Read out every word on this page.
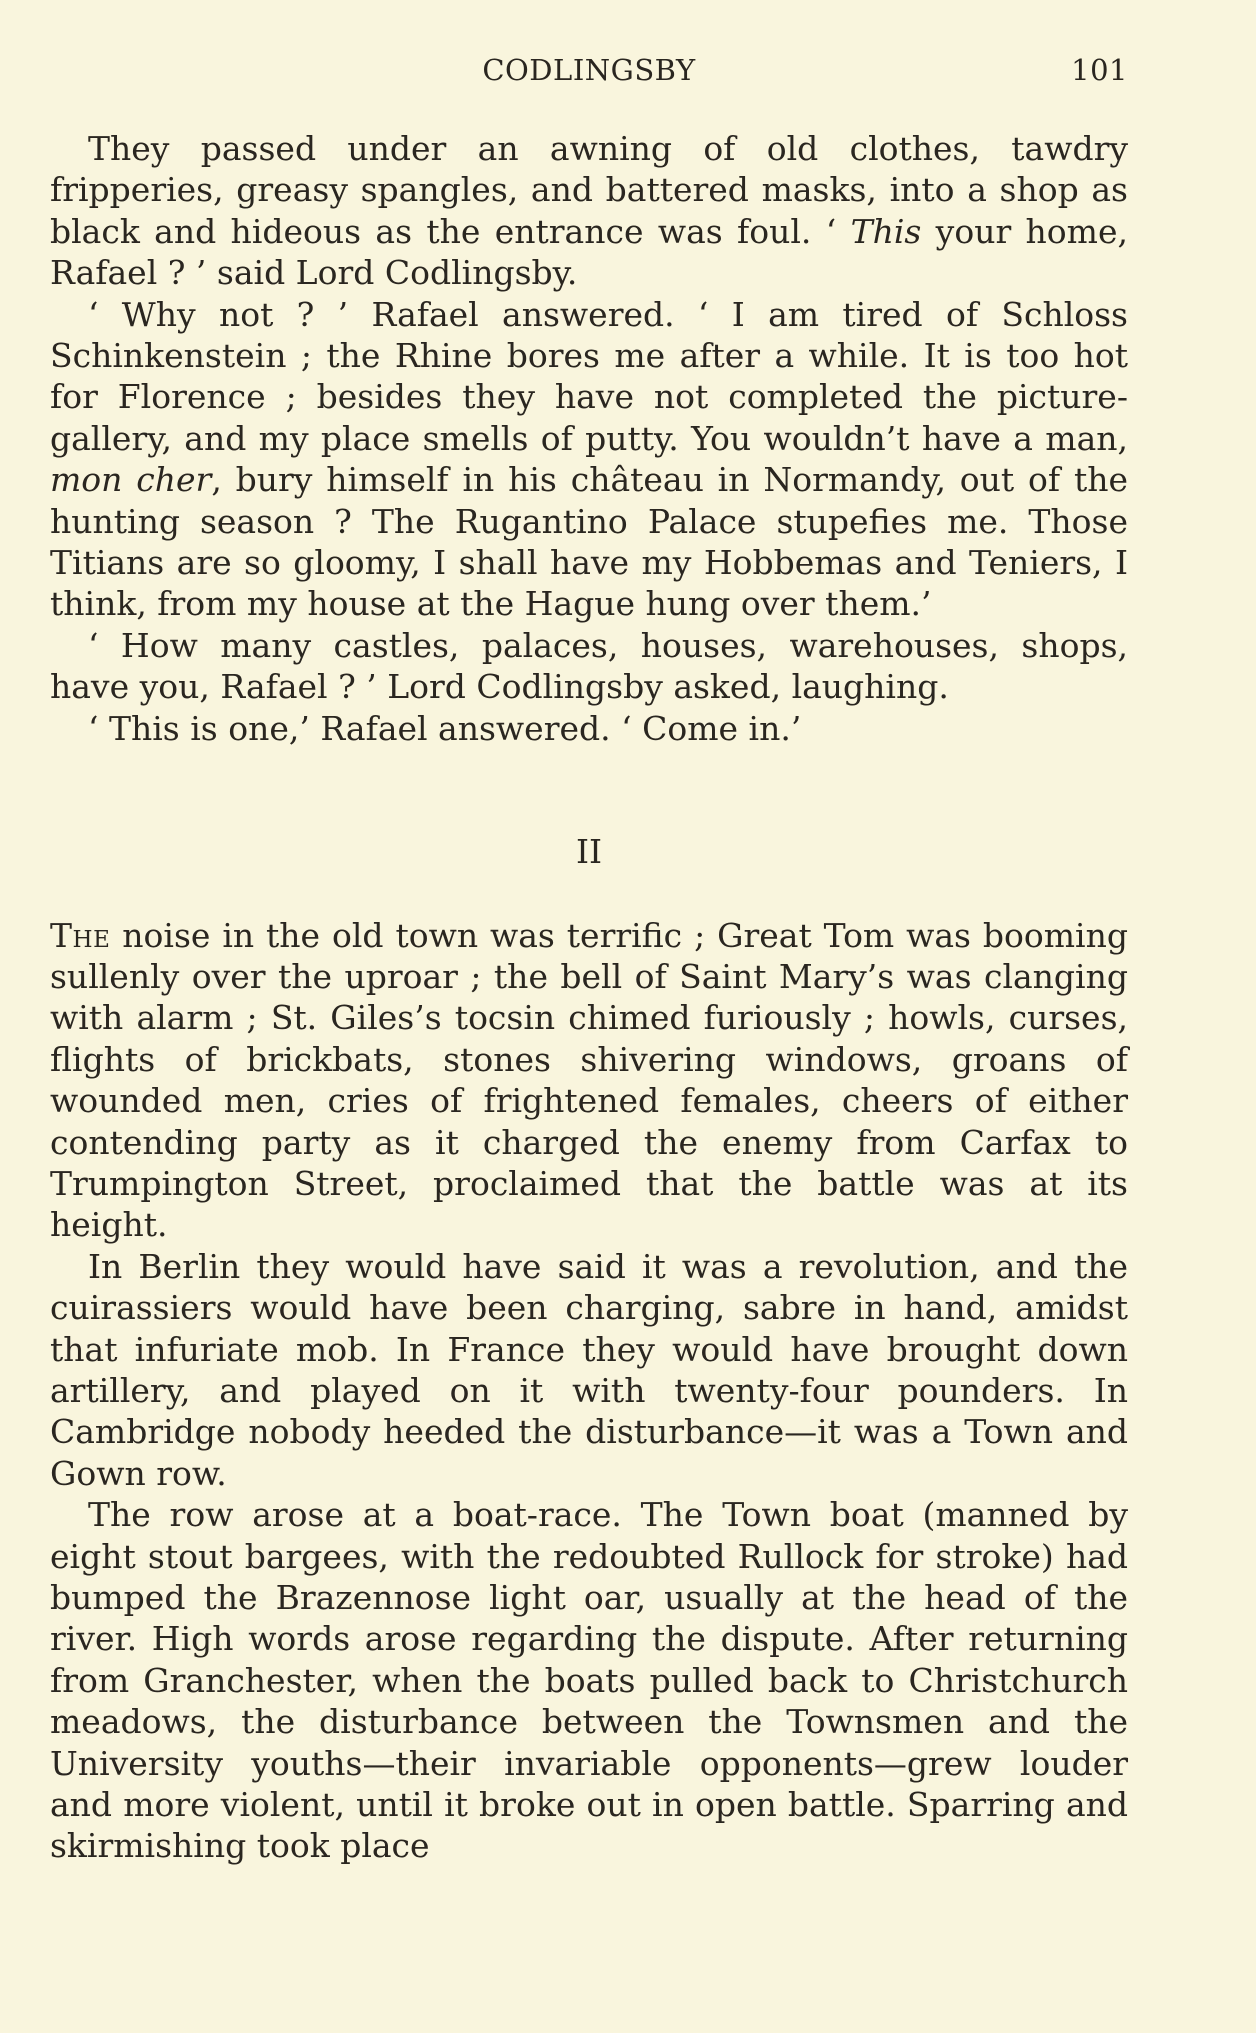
CODLINGSBY	101

They passed under an awning of old clothes, tawdry fripperies, greasy spangles, and battered masks, into a shop as black and hideous as the entrance was foul. ‘ This your home, Rafael ? ’ said Lord Codlingsby.

‘ Why not ? ’ Rafael answered. ‘ I am tired of Schloss Schinkenstein ; the Rhine bores me after a while. It is too hot for Florence ; besides they have not completed the picture-gallery, and my place smells of putty. You wouldn’t have a man, mon cher, bury himself in his château in Normandy, out of the hunting season ? The Rugantino Palace stupefies me. Those Titians are so gloomy, I shall have my Hobbemas and Teniers, I think, from my house at the Hague hung over them.’

‘ How many castles, palaces, houses, warehouses, shops, have you, Rafael ? ’ Lord Codlingsby asked, laughing.

‘ This is one,’ Rafael answered. ‘ Come in.’

II

The noise in the old town was terrific ; Great Tom was booming sullenly over the uproar ; the bell of Saint Mary’s was clanging with alarm ; St. Giles’s tocsin chimed furiously ; howls, curses, flights of brickbats, stones shivering windows, groans of wounded men, cries of frightened females, cheers of either contending party as it charged the enemy from Carfax to Trumpington Street, proclaimed that the battle was at its height.

In Berlin they would have said it was a revolution, and the cuirassiers would have been charging, sabre in hand, amidst that infuriate mob. In France they would have brought down artillery, and played on it with twenty-four pounders. In Cambridge nobody heeded the disturbance—it was a Town and Gown row.

The row arose at a boat-race. The Town boat (manned by eight stout bargees, with the redoubted Rullock for stroke) had bumped the Brazennose light oar, usually at the head of the river. High words arose regarding the dispute. After returning from Granchester, when the boats pulled back to Christchurch meadows, the disturbance between the Townsmen and the University youths—their invariable opponents—grew louder and more violent, until it broke out in open battle. Sparring and skirmishing took place
